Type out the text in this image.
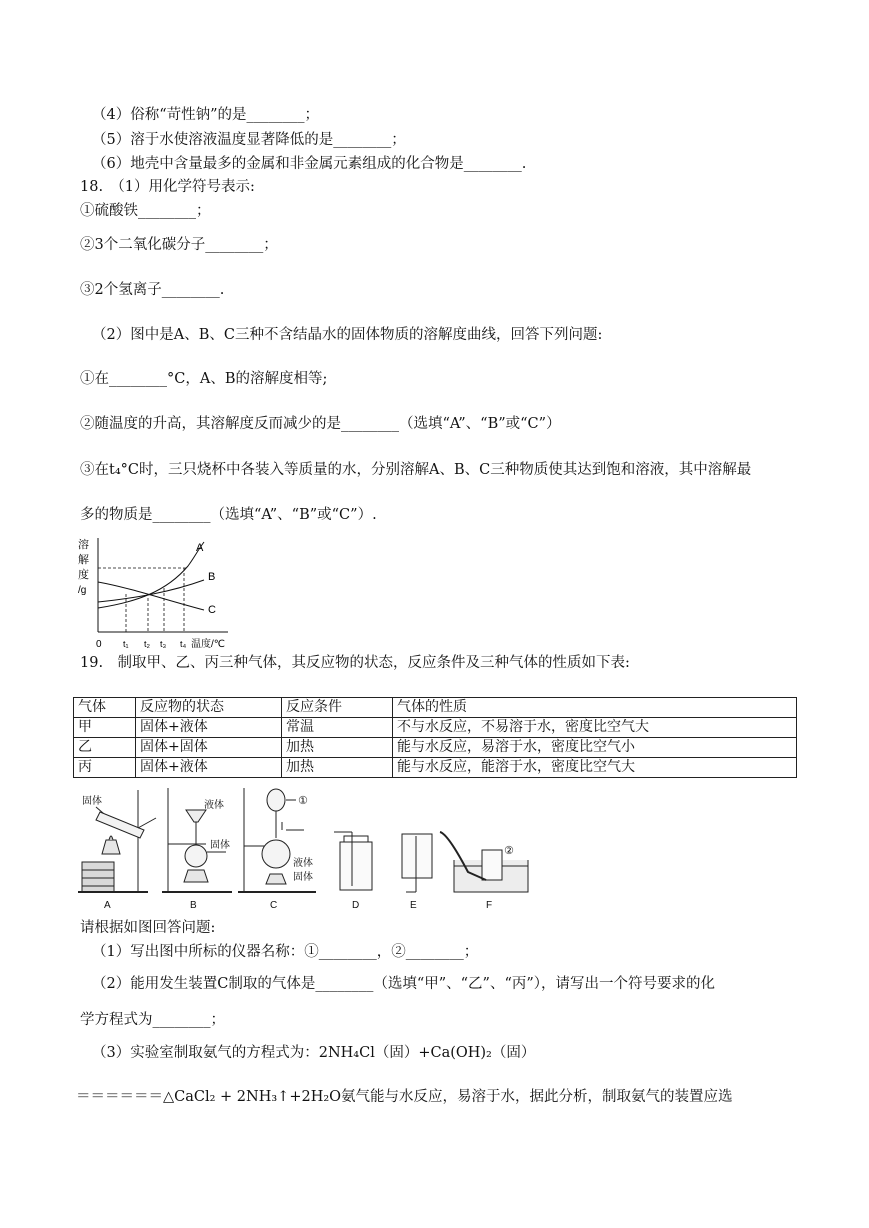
（4）俗称“苛性钠”的是________；
（5）溶于水使溶液温度显著降低的是________；
（6）地壳中含量最多的金属和非金属元素组成的化合物是________.
18.　（1）用化学符号表示:
①硫酸铁________；
②3个二氧化碳分子________；
③2个氢离子________.
（2）图中是A、B、C三种不含结晶水的固体物质的溶解度曲线，回答下列问题:
①在________°C，A、B的溶解度相等;
②随温度的升高，其溶解度反而减少的是________（选填“A”、“B”或“C”）
③在t₄°C时，三只烧杯中各装入等质量的水，分别溶解A、B、C三种物质使其达到饱和溶液，其中溶解最
多的物质是________（选填“A”、“B”或“C”）.
溶
解
度
/g
A
B
C
0 t₁ t₂ t₃ t₄ 温度/℃
19.　制取甲、乙、丙三种气体，其反应物的状态，反应条件及三种气体的性质如下表:
气体	反应物的状态	反应条件	气体的性质
甲	固体+液体	常温	不与水反应，不易溶于水，密度比空气大
乙	固体+固体	加热	能与水反应，易溶于水，密度比空气小
丙	固体+液体	加热	能与水反应，能溶于水，密度比空气大
固体
A
液体
B
固体
①
液体
固体
C	D	E
②
F
请根据如图回答问题:
（1）写出图中所标的仪器名称：①________，②________；
（2）能用发生装置C制取的气体是________（选填“甲”、“乙”、“丙”），请写出一个符号要求的化
学方程式为________；
（3）实验室制取氨气的方程式为：2NH₄Cl（固）+Ca(OH)₂（固）
＝＝＝＝＝＝△CaCl₂ + 2NH₃↑+2H₂O氨气能与水反应，易溶于水，据此分析，制取氨气的装置应选
